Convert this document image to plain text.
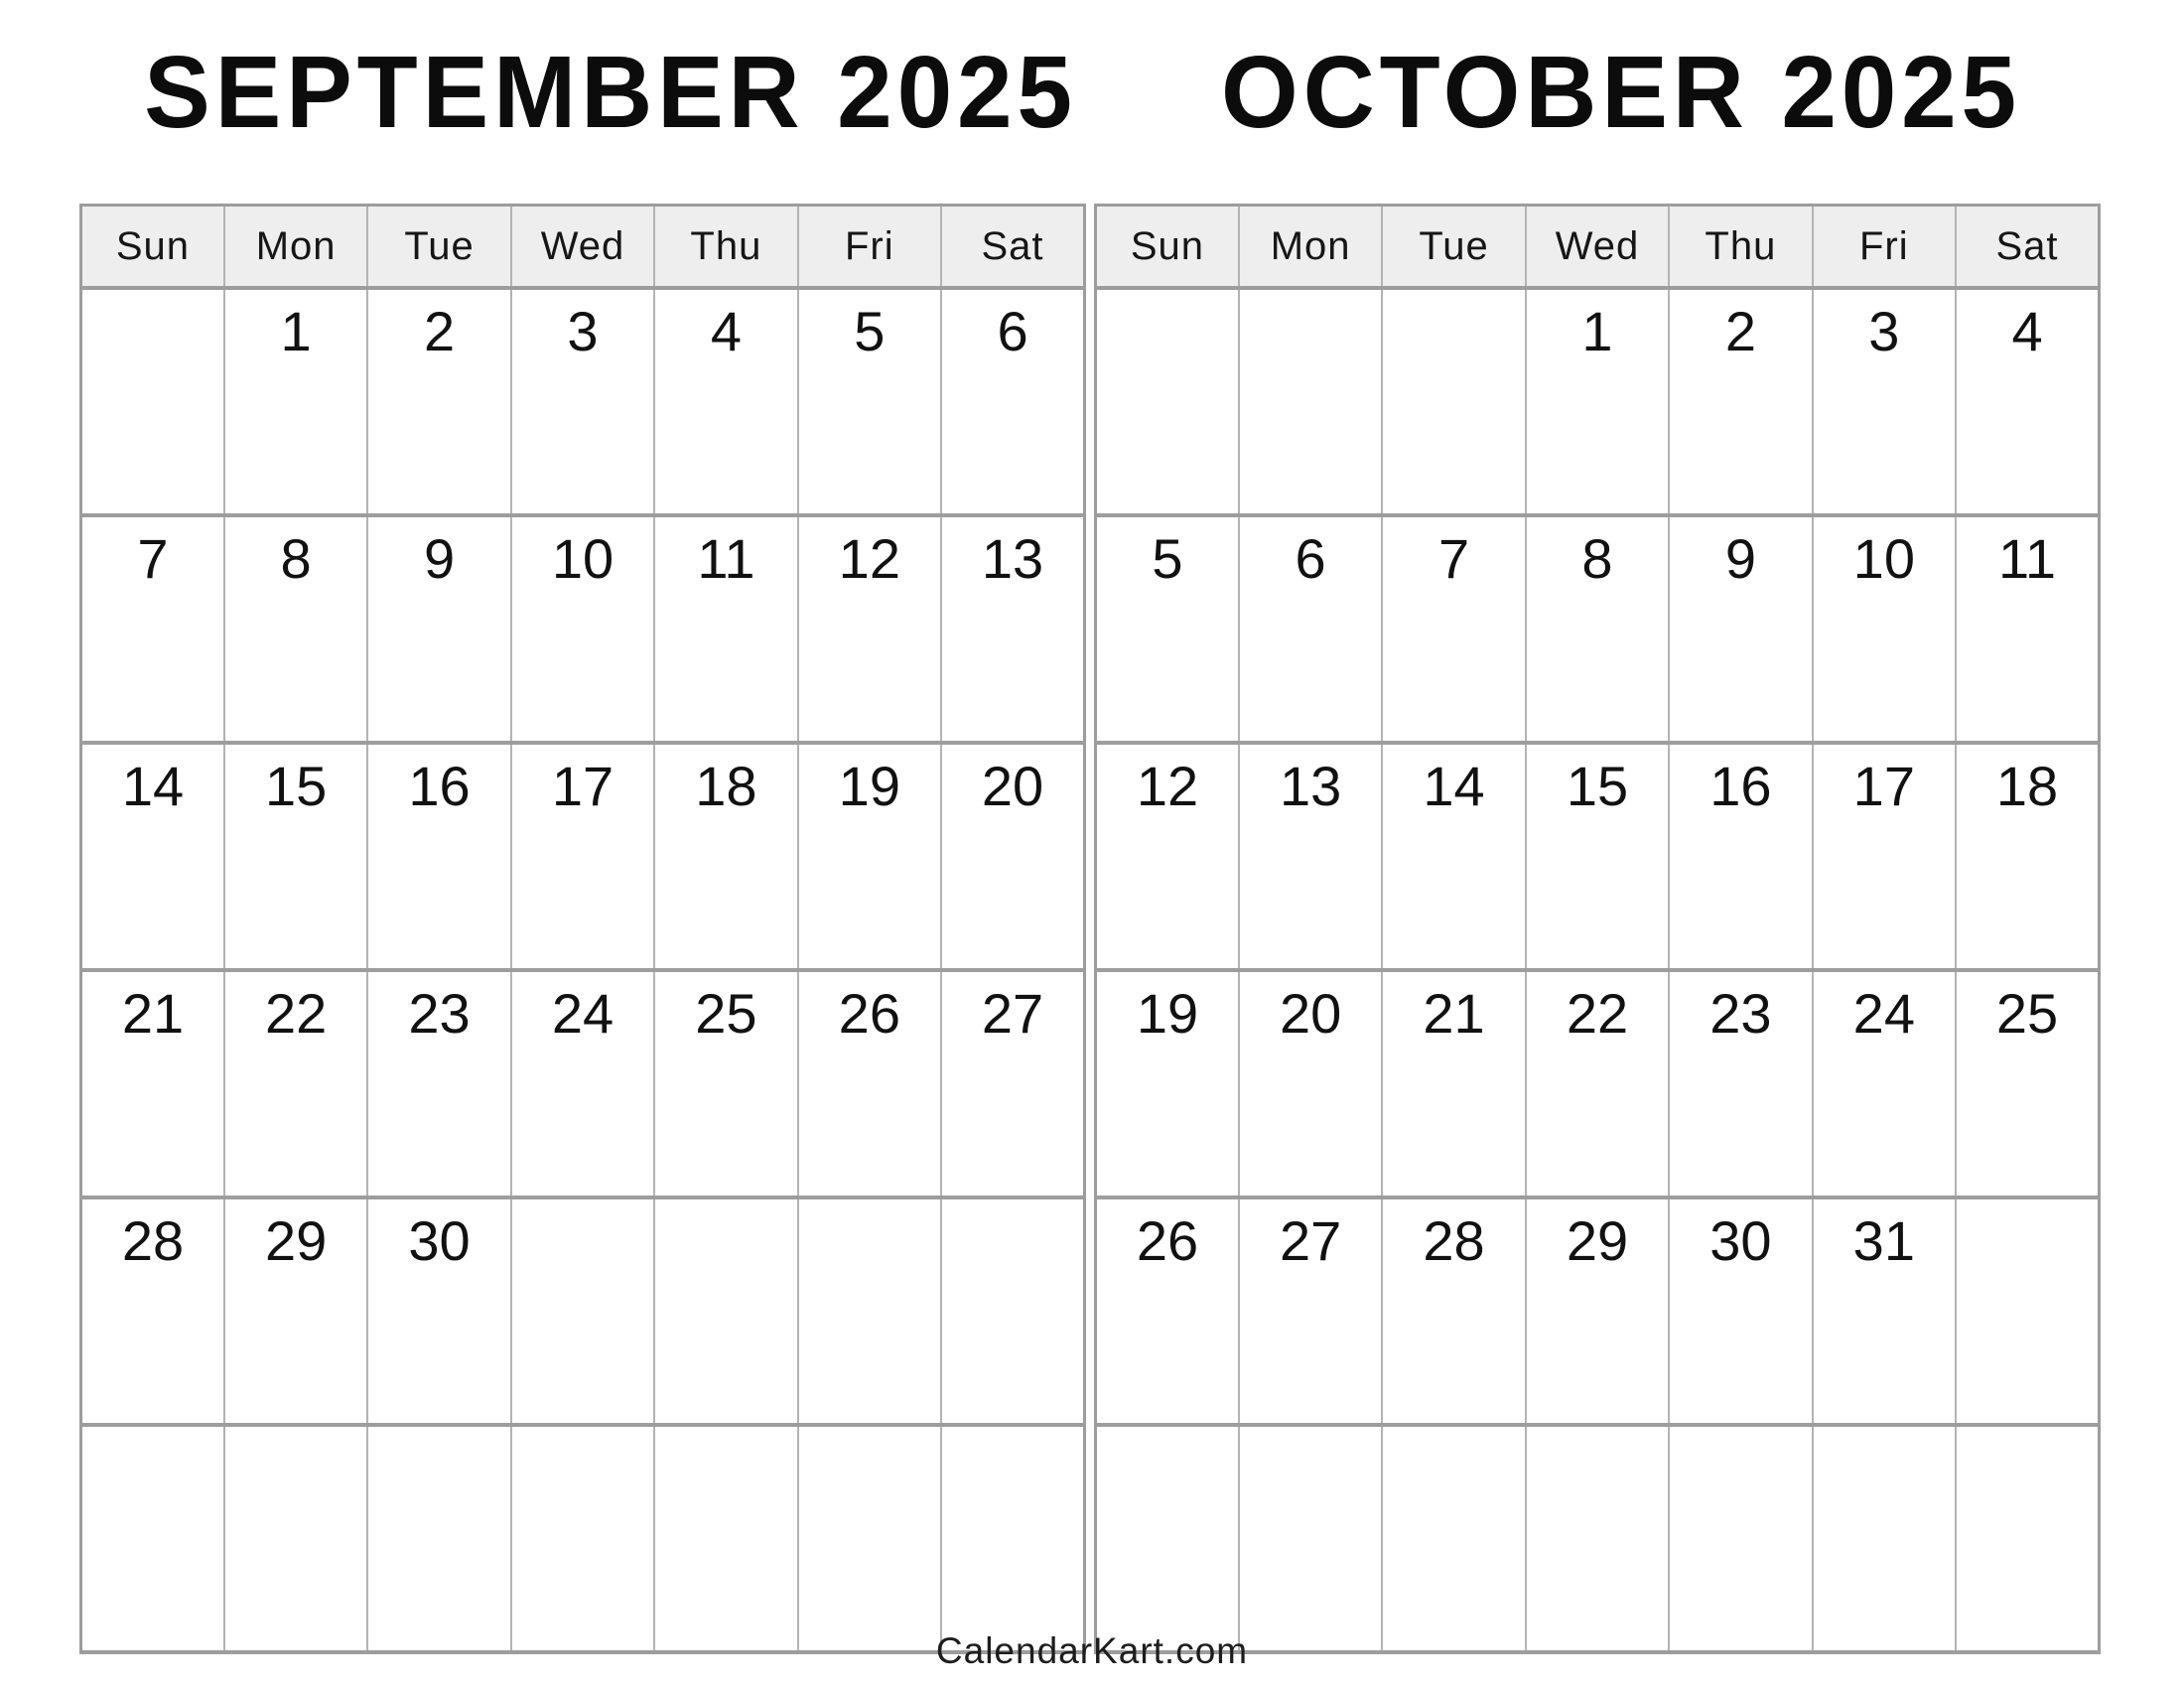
SEPTEMBER 2025	OCTOBER 2025
Sun	Mon	Tue	Wed	Thu	Fri	Sat
	1	2	3	4	5	6
7	8	9	10	11	12	13
14	15	16	17	18	19	20
21	22	23	24	25	26	27
28	29	30				

Sun	Mon	Tue	Wed	Thu	Fri	Sat
			1	2	3	4
5	6	7	8	9	10	11
12	13	14	15	16	17	18
19	20	21	22	23	24	25
26	27	28	29	30	31	

CalendarKart.com
